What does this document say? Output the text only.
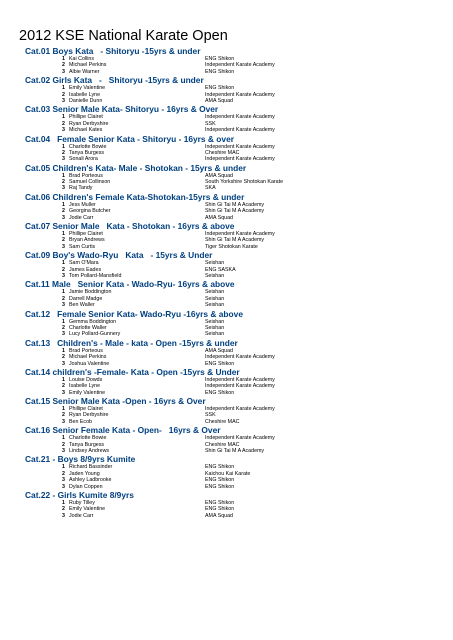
2012 KSE National Karate Open
Cat.01 Boys Kata   - Shitoryu -15yrs & under
1 Kai Collins	ENG Shikon
2 Michael Perkins	Independent Karate Academy
3 Albie Warner	ENG Shikon
Cat.02 Girls Kata   -   Shitoryu -15yrs & under
1 Emily Valentine	ENG Shikon
2 Isabelle Lyne	Independent Karate Academy
3 Danielle Dunn	AMA Squad
Cat.03 Senior Male Kata- Shitoryu - 16yrs & Over
1 Phillipe Clairet	Independent Karate Academy
2 Ryan Derbyshire	SSK
3 Michael Kates	Independent Karate Academy
Cat.04   Female Senior Kata - Shitoryu - 16yrs & over
1 Charlotte Bowie	Independent Karate Academy
2 Tanya Burgess	Cheshire MAC
3 Sonali Arora	Independent Karate Academy
Cat.05 Children's Kata- Male - Shotokan - 15yrs & under
1 Brad Porteous	AMA Squad
2 Samuel Collinson	South Yorkshire Shotokan Karate
3 Raj Tandy	SKA
Cat.06 Children's Female Kata-Shotokan-15yrs & under
1 Jess Muller	Shin Gi Tai M A Academy
2 Georgina Butcher	Shin Gi Tai M A Academy
3 Jodie Carr	AMA Squad
Cat.07 Senior Male   Kata - Shotokan - 16yrs & above
1 Phillipe Clairet	Independent Karate Academy
2 Bryan Andrews	Shin Gi Tai M A Academy
3 Sam Curtis	Tiger Shotokan Karate
Cat.09 Boy's Wado-Ryu   Kata   - 15yrs & Under
1 Sam O'Mara	Seishan
2 James Eades	ENG SASKA
3 Tom Pollard-Mansfield	Seishan
Cat.11 Male   Senior Kata - Wado-Ryu- 16yrs & above
1 Jamie Boddington	Seishan
2 Darrell Madge	Seishan
3 Ben Waller	Seishan
Cat.12   Female Senior Kata- Wado-Ryu -16yrs & above
1 Gemma Boddington	Seishan
2 Charlotte Waller	Seishan
3 Lucy Pollard-Gunnery	Seishan
Cat.13   Children's - Male - kata - Open -15yrs & under
1 Brad Porteous	AMA Squad
2 Michael Perkins	Independent Karate Academy
3 Joshua Valentine	ENG Shikon
Cat.14 children's -Female- Kata - Open -15yrs & Under
1 Louise Dowds	Independent Karate Academy
2 Isabelle Lyne	Independent Karate Academy
3 Emily Valentine	ENG Shikon
Cat.15 Senior Male Kata -Open - 16yrs & Over
1 Phillipe Clairet	Independent Karate Academy
2 Ryan Derbyshire	SSK
3 Ben Ecob	Cheshire MAC
Cat.16 Senior Female Kata - Open-   16yrs & Over
1 Charlotte Bowie	Independent Karate Academy
2 Tanya Burgess	Cheshire MAC
3 Lindsey Andrews	Shin Gi Tai M A Academy
Cat.21 - Boys 8/9yrs Kumite
1 Richard Bassinder	ENG Shikon
2 Jaden Young	Kaichou Kai Karate
3 Ashley Ladbrooke	ENG Shikon
3 Dylan Coppen	ENG Shikon
Cat.22 - Girls Kumite 8/9yrs
1 Ruby Tilley	ENG Shikon
2 Emily Valentine	ENG Shikon
3 Jodie Carr	AMA Squad
